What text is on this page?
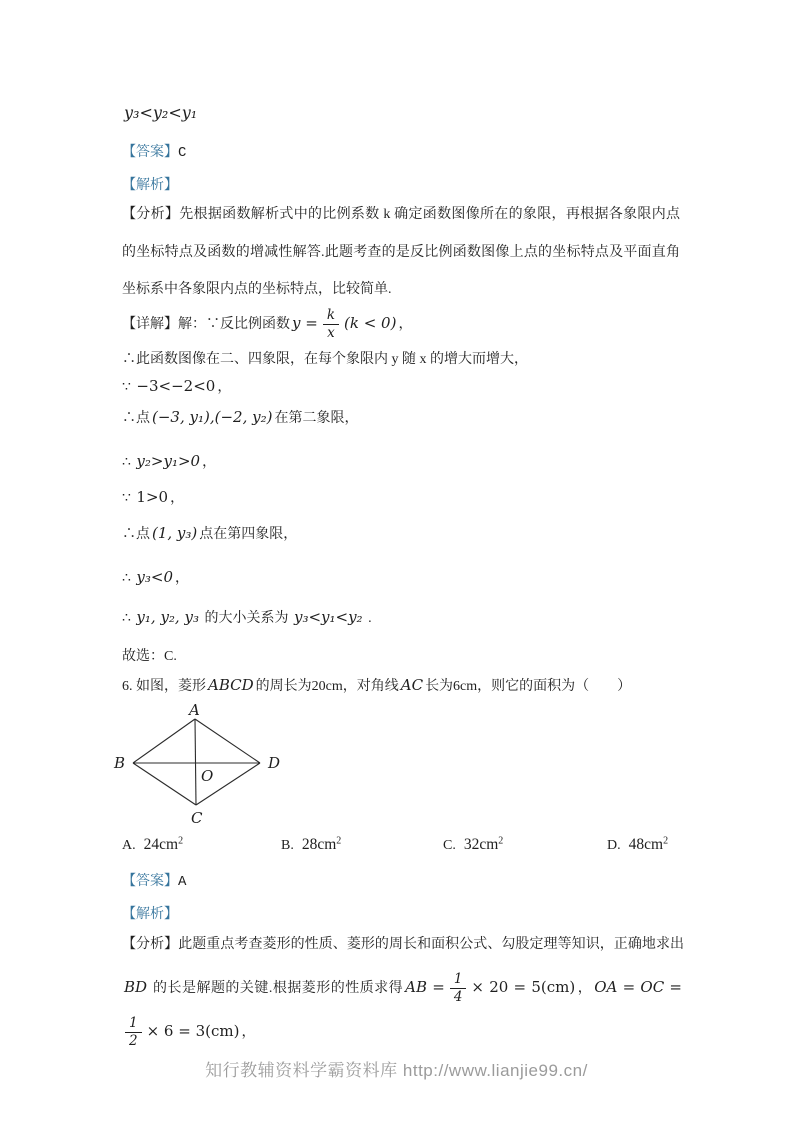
y₃<y₂<y₁
【答案】C
【解析】
【分析】先根据函数解析式中的比例系数 k 确定函数图像所在的象限，再根据各象限内点的坐标特点及函数的增减性解答.此题考查的是反比例函数图像上点的坐标特点及平面直角坐标系中各象限内点的坐标特点，比较简单.
【详解】解：∵反比例函数 $y = \frac{k}{x} (k < 0)$ ，
∴此函数图像在二、四象限，在每个象限内 y 随 x 的增大而增大，
∵ −3<−2<0 ，
∴点 (−3, y₁),(−2, y₂) 在第二象限，
∴ y₂>y₁>0 ，
∵ 1>0 ，
∴点 (1, y₃) 点在第四象限，
∴ y₃<0 ，
∴ y₁, y₂, y₃ 的大小关系为 y₃<y₁<y₂ .
故选：C.
6. 如图，菱形 ABCD 的周长为20cm，对角线 AC 长为6cm，则它的面积为（　　）
A
B
C
D
O
A. $24cm^2$	B. $28cm^2$	C. $32cm^2$	D. $48cm^2$
【答案】A
【解析】
【分析】此题重点考查菱形的性质、菱形的周长和面积公式、勾股定理等知识，正确地求出BD 的长是解题的关键.根据菱形的性质求得 AB = $\frac{1}{4} \times 20 = 5(cm)$ ， OA = OC =
$\frac{1}{2} \times 6 = 3(cm)$ ，
知行教辅资料学霸资料库 http://www.lianjie99.cn/
